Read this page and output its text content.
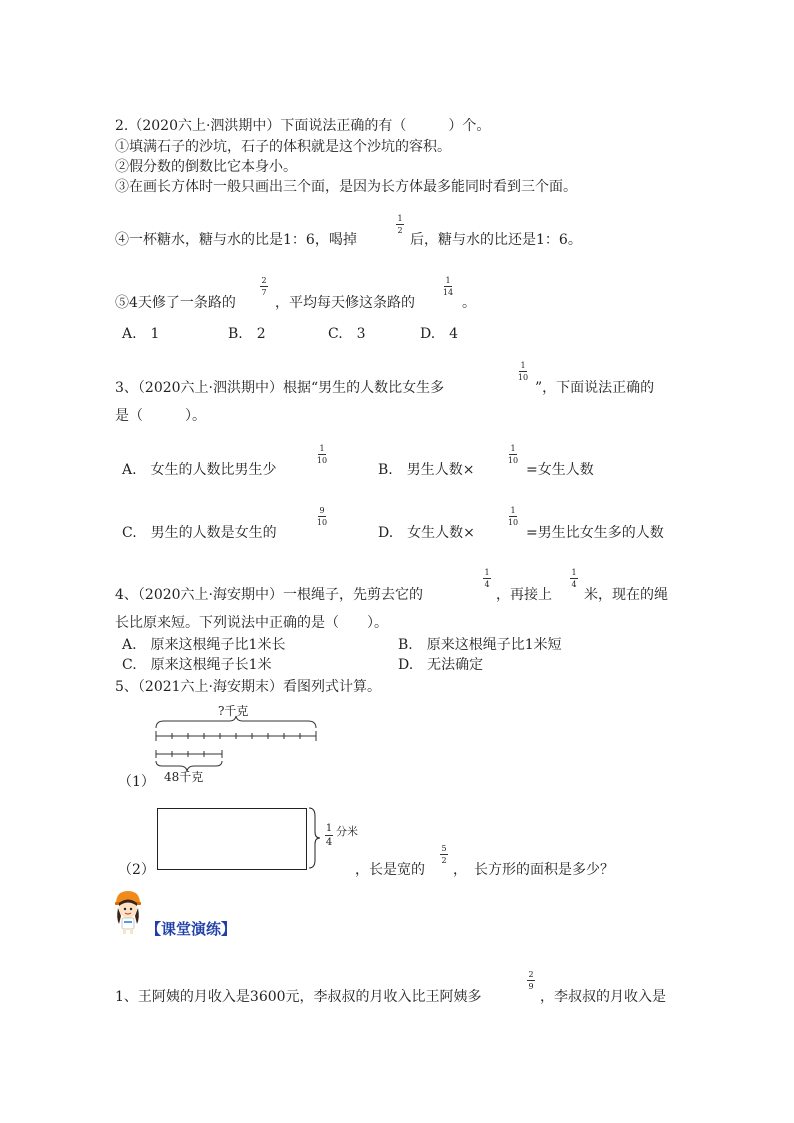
2.（2020六上·泗洪期中）下面说法正确的有（　　　）个。
①填满石子的沙坑，石子的体积就是这个沙坑的容积。
②假分数的倒数比它本身小。
③在画长方体时一般只画出三个面，是因为长方体最多能同时看到三个面。
④一杯糖水，糖与水的比是1：6，喝掉
1
2
后，糖与水的比还是1：6。
⑤4天修了一条路的
2
7
，平均每天修这条路的
1
14
。
A.　1	B.　2	C.　3	D.　4
3、（2020六上·泗洪期中）根据“男生的人数比女生多
1
10
”，下面说法正确的
是（　　　）。
A.　女生的人数比男生少
1
10
B.　男生人数×
1
10
=女生人数
C.　男生的人数是女生的
9
10
D.　女生人数×
1
10
=男生比女生多的人数
4、（2020六上·海安期中）一根绳子，先剪去它的
1
4
，再接上
1
4
米，现在的绳
长比原来短。下列说法中正确的是（　　）。
A.　原来这根绳子比1米长	B.　原来这根绳子比1米短
C.　原来这根绳子长1米	D.　无法确定
5、（2021六上·海安期末）看图列式计算。
?千克
48千克
（1）
1
4
分米
（2）	，长是宽的
5
2
，　长方形的面积是多少？
【课堂演练】
1、王阿姨的月收入是3600元，李叔叔的月收入比王阿姨多
2
9
，李叔叔的月收入是
